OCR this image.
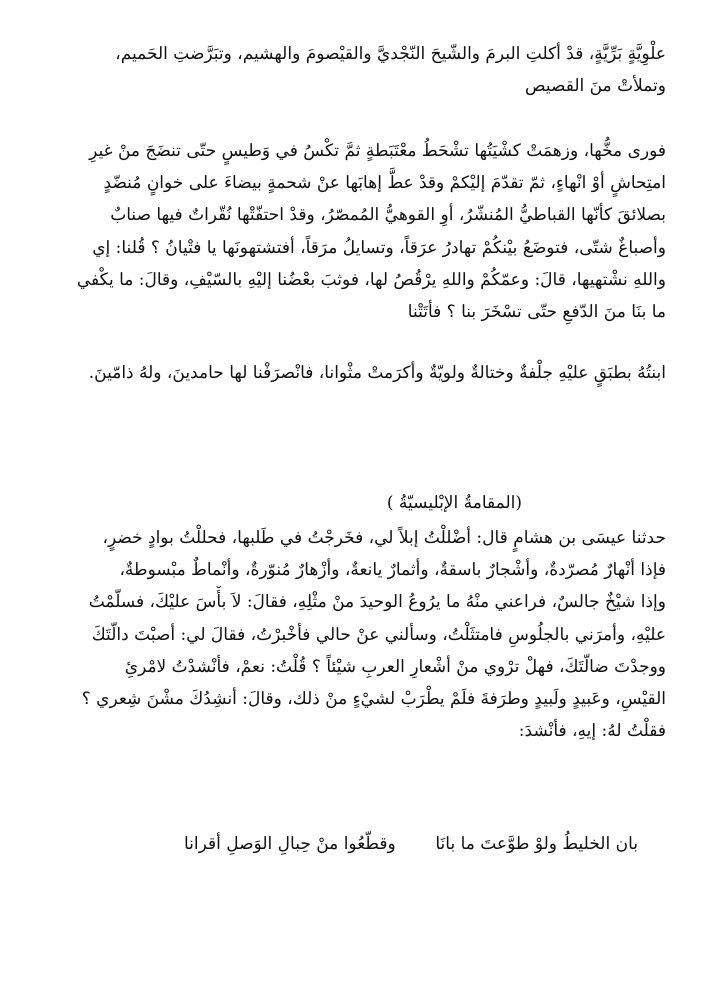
علْوِيَّةٍ بَرِّيَّةٍ، قدْ أكلتِ البرمَ والشّيحَ النّجْديَّ والقيْصومَ والهشيم، وتبَرَّضتِ الحَميم،
وتملأتْ منَ القصيص
فورى مخُّها، وزهمَتْ كشْيَتُها تشْحَطُ معْتَبَطةٍ ثمَّ تكْسُ في وَطيسٍ حتّى تنضَجَ منْ غيرِ
امتِحاشٍ أوْ انْهاءٍ، ثمّ تقدّمَ إليْكمْ وقدْ عطَّ إهابَها عنْ شحمةٍ بيضاءَ على خوانٍ مُنضّدٍ
بصلائقَ كأنّها القباطيُّ المُنشّرُ، أوِ القوهيُّ المُمصّرُ، وقدْ احتفّتْها نُقّراتٌ فيها صنابٌ
وأصباغٌ شتّى، فتوضَعُ بيْنكُمْ تهادرُ عرَقاً، وتسايلُ مرَقاً، أفتشتهونَها يا فتْيانُ ؟ قُلنا: إي
واللهِ نشْتهيها، قالَ: وعمّكُمْ واللهِ يرْقُصُ لها، فوثبَ بعْضُنا إليْهِ بالسّيْفِ، وقالَ: ما يكْفي
ما بنَا منَ الدّفعِ حتّى تسْخَرَ بنا ؟ فأتَتْنا
ابنتُهُ بطبَقٍ عليْهِ جلْفةٌ وختالةٌ ولويّةٌ وأكرَمتْ مثْوانا، فانْصرَفْنا لها حامدينَ، ولهُ ذامّينَ.
(المقامةُ الإبْليسيّةُ )
حدثنا عيسَى بن هشامٍ قال: أضْللْتُ إبلاً لي، فخَرجْتُ في طَلبها، فحللْتُ بوادٍ خضرٍ،
فإذا أنْهارٌ مُصرّدةٌ، وأشْجارٌ باسقةٌ، وأثمارٌ يانعةٌ، وأزْهارٌ مُنوّرةٌ، وأنْماطٌ مبْسوطةٌ،
وإذا شيْخٌ جالسٌ، فراعني منْهُ ما يرُوعُ الوحيدَ منْ مثْلِهِ، فقالَ: لاَ بأْسَ عليْكَ، فسلّمْتُ
عليْهِ، وأمرَني بالجلُوسِ فامتثَلْتُ، وسألني عنْ حالي فأخْبرْتُ، فقالَ لي: أصبْتَ دالّتَكَ
ووجدْتَ ضالّتَكَ، فهلْ ترْوي منْ أشْعارِ العربِ شيْئاً ؟ قُلْتُ: نعمْ، فأنْشدْتُ لامْرئِ
القيْسِ، وعَبيدٍ ولَبيدٍ وطرَفةَ فلَمْ يطْرَبْ لشيْءٍ منْ ذلك، وقالَ: أنشِدُكَ مشْنَ شِعري ؟
فقلْتُ لهُ: إيهِ، فأنْشدَ:
بان الخليطُ ولوْ طوَّعتَ ما بانَا
وقطّعُوا منْ حِبالِ الوَصلِ أقرانا
